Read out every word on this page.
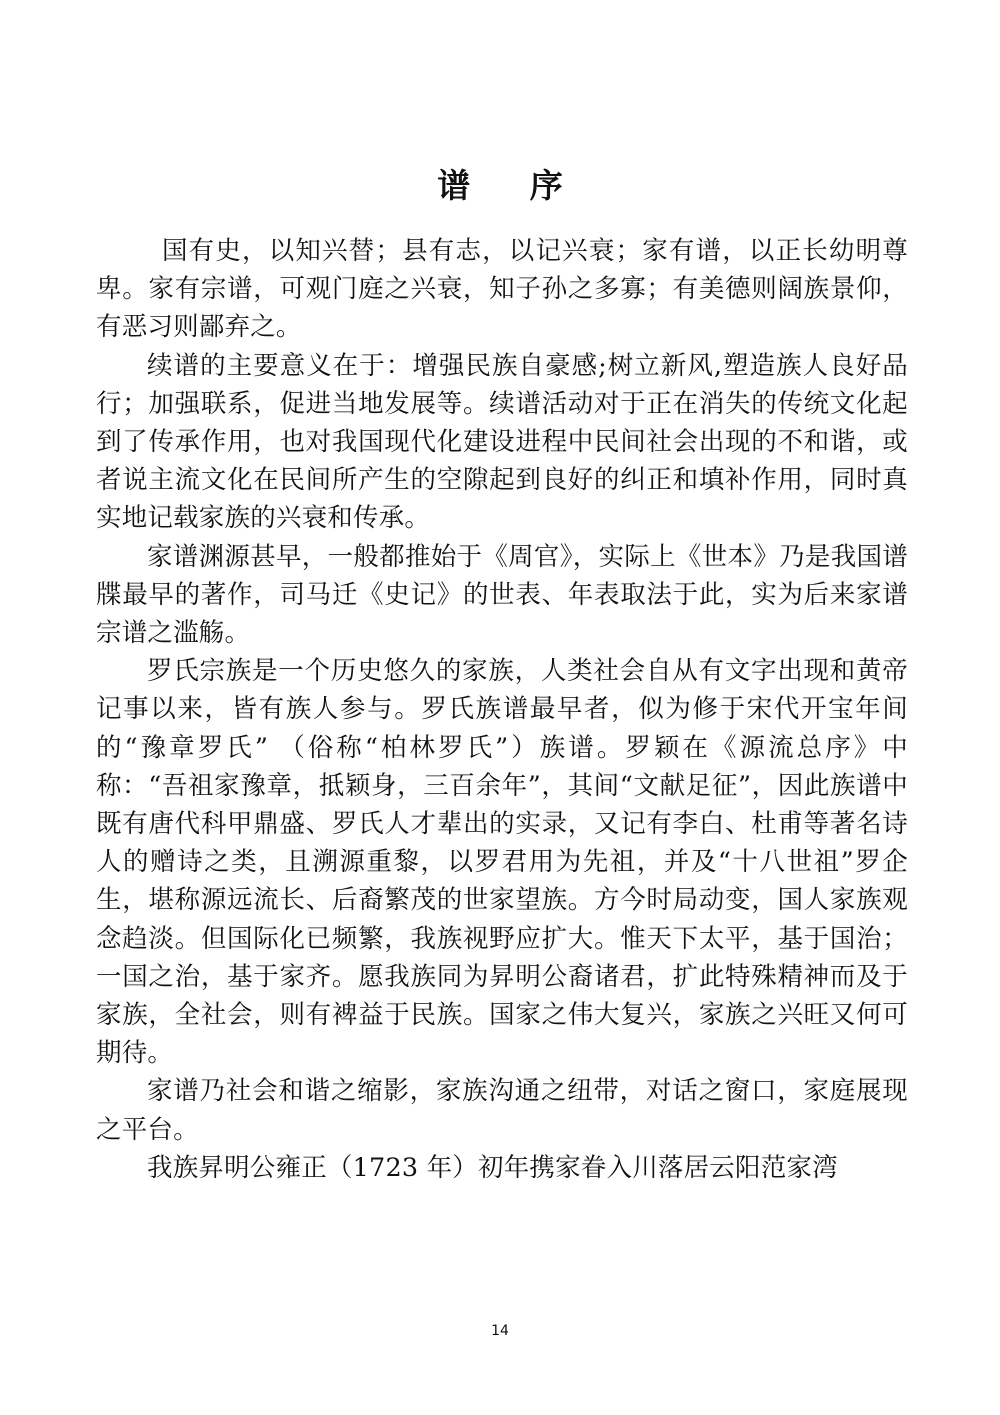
谱 序

国有史，以知兴替；县有志，以记兴衰；家有谱，以正长幼明尊卑。家有宗谱，可观门庭之兴衰，知子孙之多寡；有美德则阔族景仰，有恶习则鄙弃之。

续谱的主要意义在于：增强民族自豪感;树立新风,塑造族人良好品行；加强联系，促进当地发展等。续谱活动对于正在消失的传统文化起到了传承作用，也对我国现代化建设进程中民间社会出现的不和谐，或者说主流文化在民间所产生的空隙起到良好的纠正和填补作用，同时真实地记载家族的兴衰和传承。

家谱渊源甚早，一般都推始于《周官》，实际上《世本》乃是我国谱牒最早的著作，司马迁《史记》的世表、年表取法于此，实为后来家谱宗谱之滥觞。

罗氏宗族是一个历史悠久的家族，人类社会自从有文字出现和黄帝记事以来，皆有族人参与。罗氏族谱最早者，似为修于宋代开宝年间的“豫章罗氏” （俗称“柏林罗氏”）族谱。罗颖在《源流总序》中称：“吾祖家豫章，抵颖身，三百余年”，其间“文献足征”，因此族谱中既有唐代科甲鼎盛、罗氏人才辈出的实录，又记有李白、杜甫等著名诗人的赠诗之类，且溯源重黎，以罗君用为先祖，并及“十八世祖”罗企生，堪称源远流长、后裔繁茂的世家望族。方今时局动变，国人家族观念趋淡。但国际化已频繁，我族视野应扩大。惟天下太平，基于国治；一国之治，基于家齐。愿我族同为昇明公裔诸君，扩此特殊精神而及于家族，全社会，则有裨益于民族。国家之伟大复兴，家族之兴旺又何可期待。

家谱乃社会和谐之缩影，家族沟通之纽带，对话之窗口，家庭展现之平台。

我族昇明公雍正（1723 年）初年携家眷入川落居云阳范家湾

14
